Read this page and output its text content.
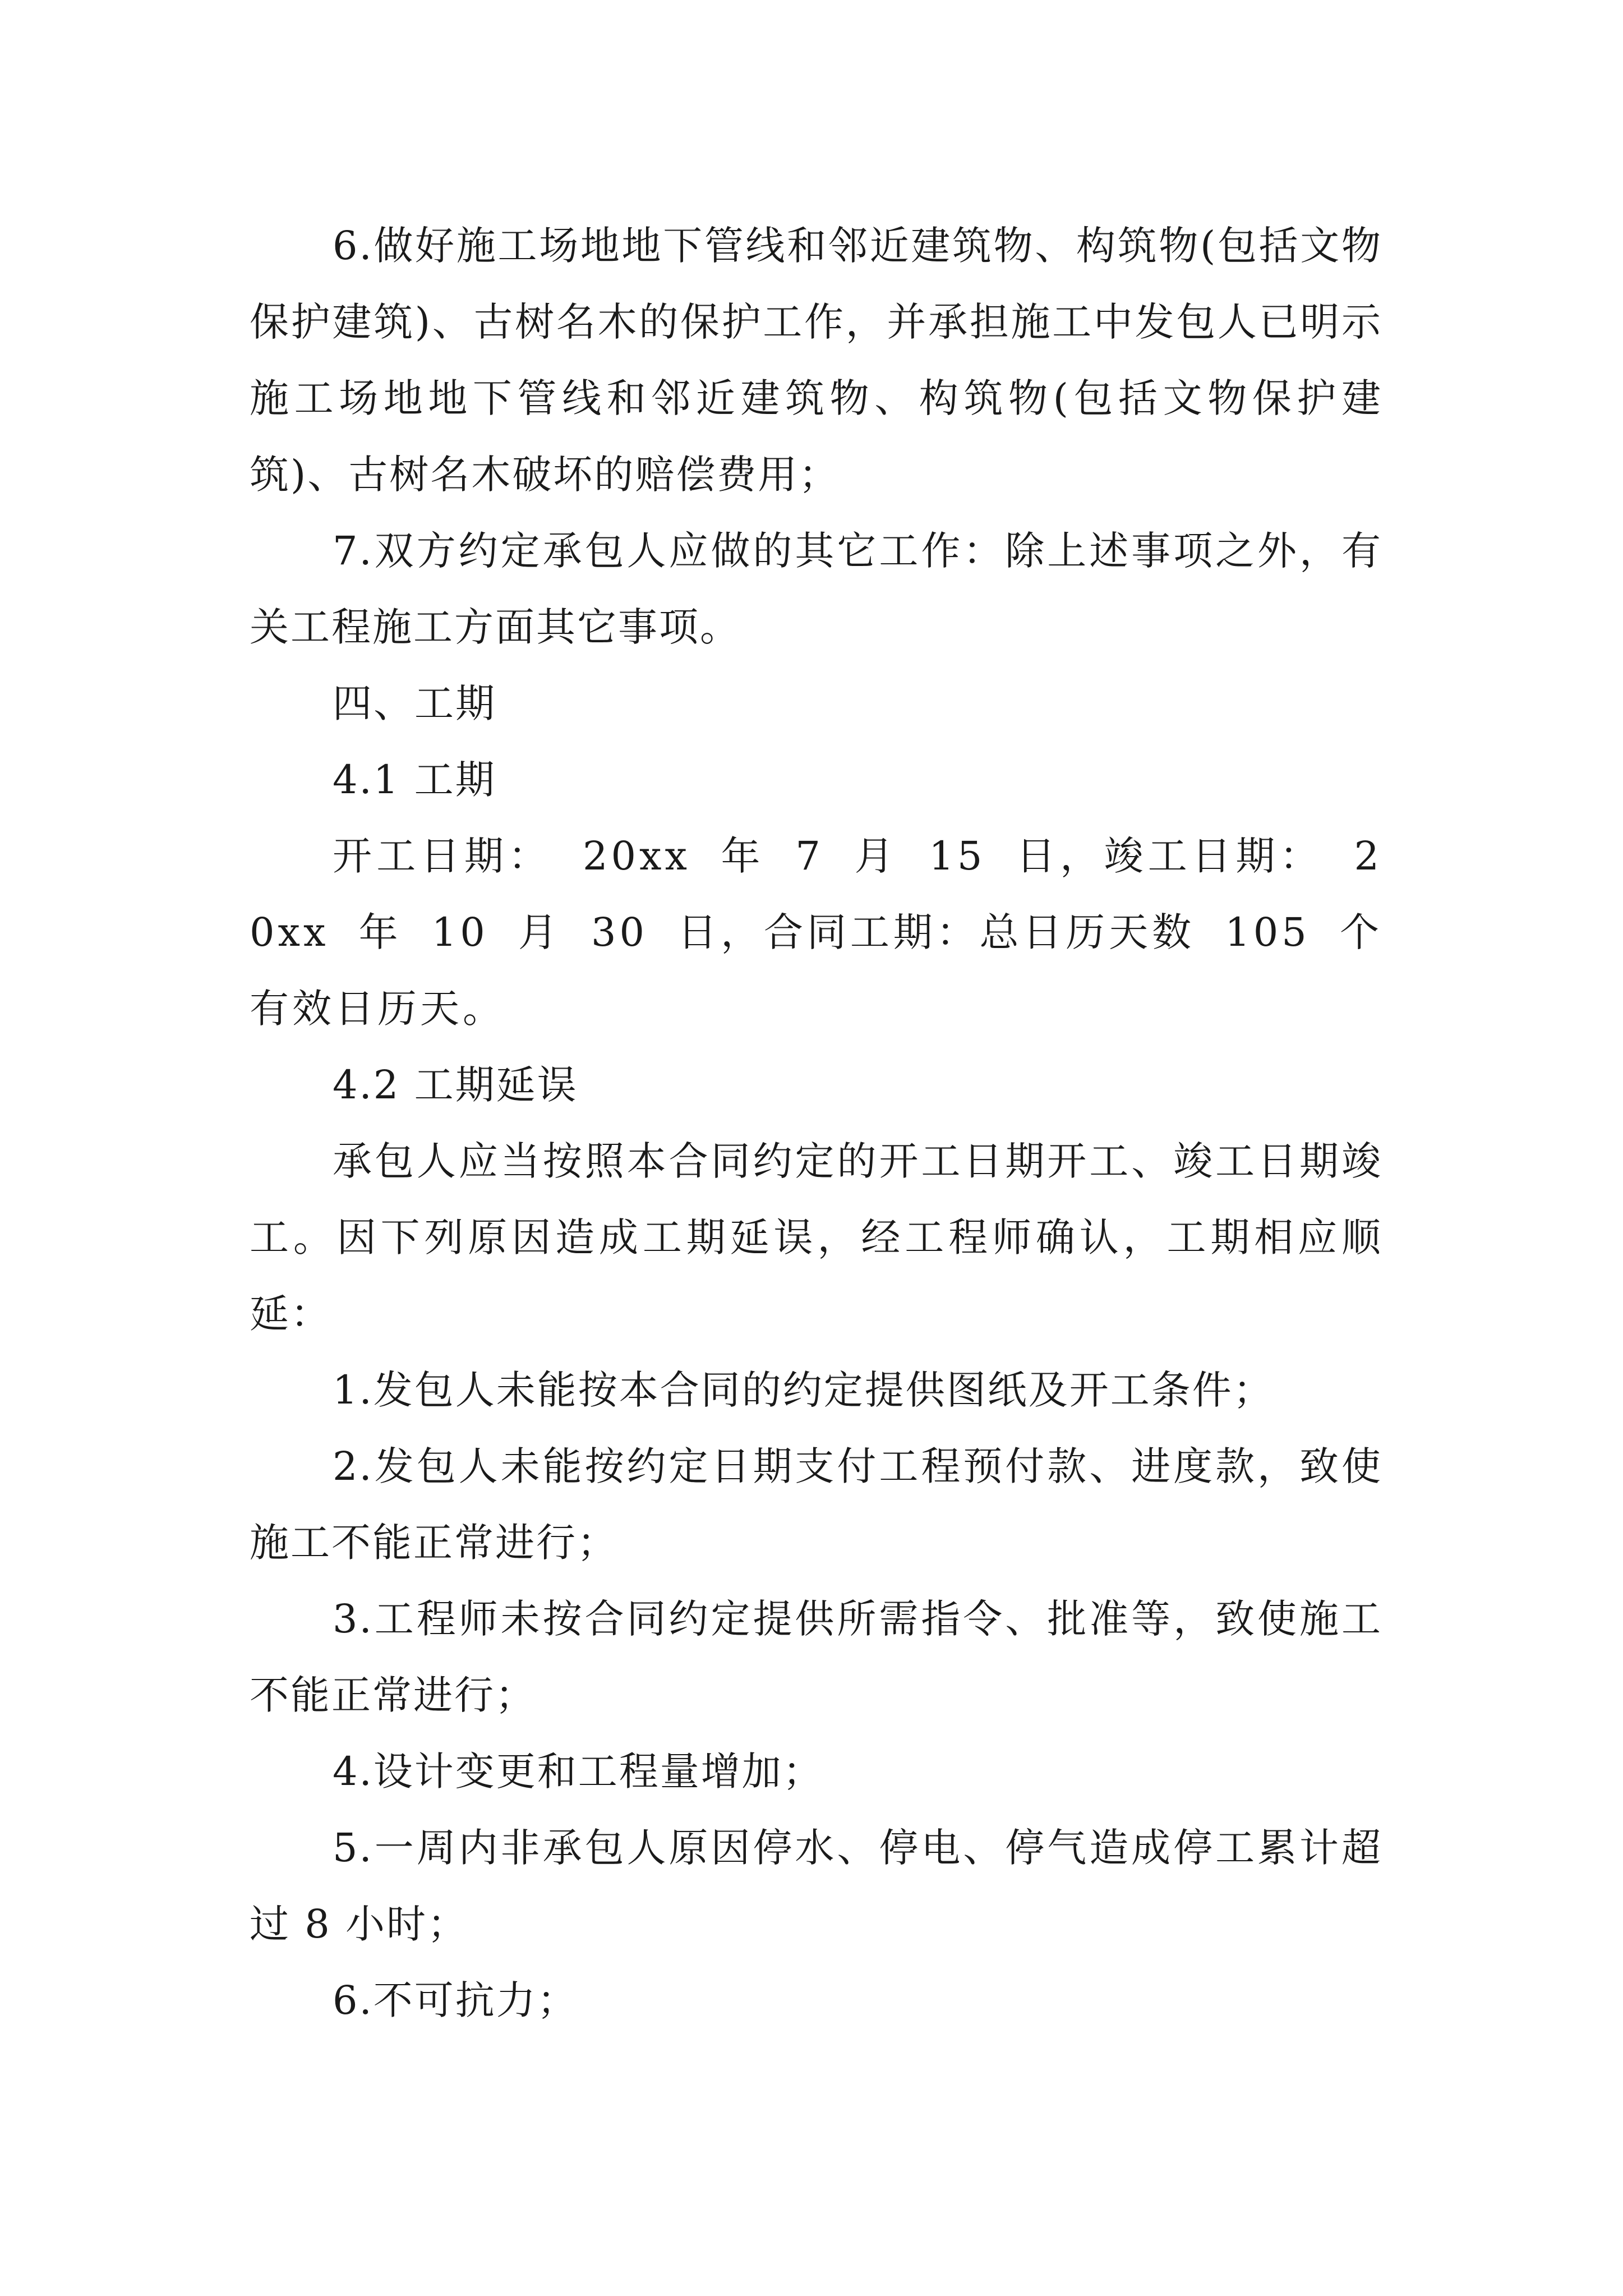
6.做好施工场地地下管线和邻近建筑物、构筑物(包括文物保护建筑)、古树名木的保护工作，并承担施工中发包人已明示施工场地地下管线和邻近建筑物、构筑物(包括文物保护建筑)、古树名木破坏的赔偿费用；

7.双方约定承包人应做的其它工作：除上述事项之外，有关工程施工方面其它事项。

四、工期

4.1 工期

开工日期： 20xx 年 7 月 15 日，竣工日期： 20xx 年 10 月 30 日，合同工期：总日历天数 105 个有效日历天。

4.2 工期延误

承包人应当按照本合同约定的开工日期开工、竣工日期竣工。因下列原因造成工期延误，经工程师确认，工期相应顺延：

1.发包人未能按本合同的约定提供图纸及开工条件；

2.发包人未能按约定日期支付工程预付款、进度款，致使施工不能正常进行；

3.工程师未按合同约定提供所需指令、批准等，致使施工不能正常进行；

4.设计变更和工程量增加；

5.一周内非承包人原因停水、停电、停气造成停工累计超过 8 小时；

6.不可抗力；
